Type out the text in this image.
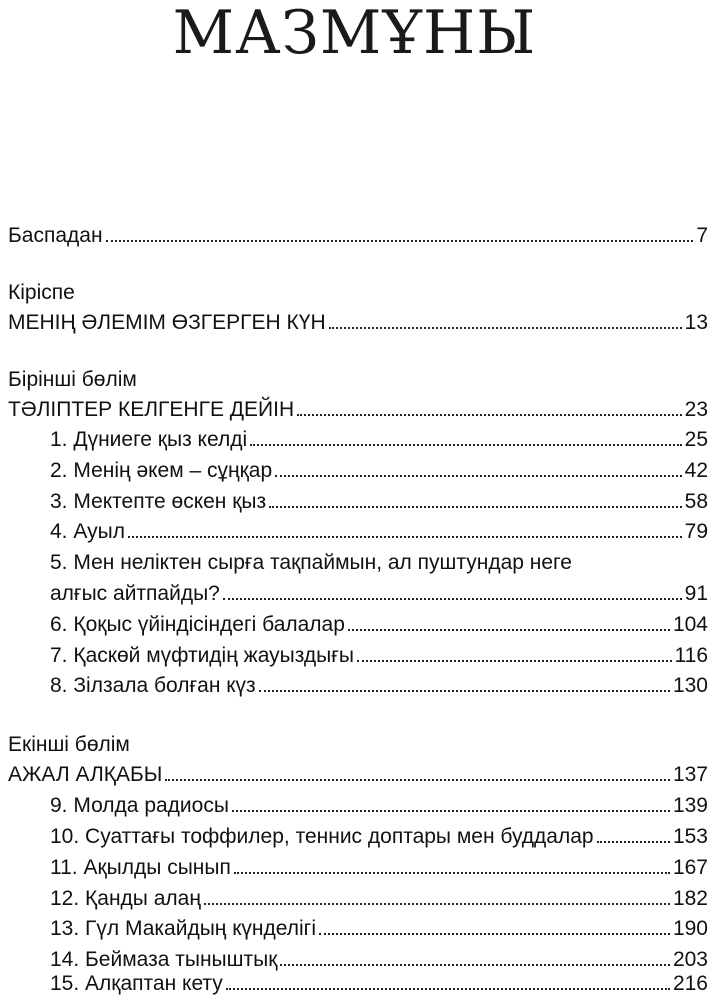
МАЗМҰНЫ
Баспадан	7
Кіріспе
МЕНІҢ ӘЛЕМІМ ӨЗГЕРГЕН КҮН	13
Бірінші бөлім
ТӘЛІПТЕР КЕЛГЕНГЕ ДЕЙІН	23
1. Дүниеге қыз келді	25
2. Менің әкем – сұңқар	42
3. Мектепте өскен қыз	58
4. Ауыл	79
5. Мен неліктен сырға тақпаймын, ал пуштундар неге
алғыс айтпайды?	91
6. Қоқыс үйіндісіндегі балалар	104
7. Қаскөй мүфтидің жауыздығы	116
8. Зілзала болған күз	130
Екінші бөлім
АЖАЛ АЛҚАБЫ	137
9. Молда радиосы	139
10. Суаттағы тоффилер, теннис доптары мен буддалар	153
11. Ақылды сынып	167
12. Қанды алаң	182
13. Гүл Макайдың күнделігі	190
14. Беймаза тыныштық	203
15. Алқаптан кету	216
